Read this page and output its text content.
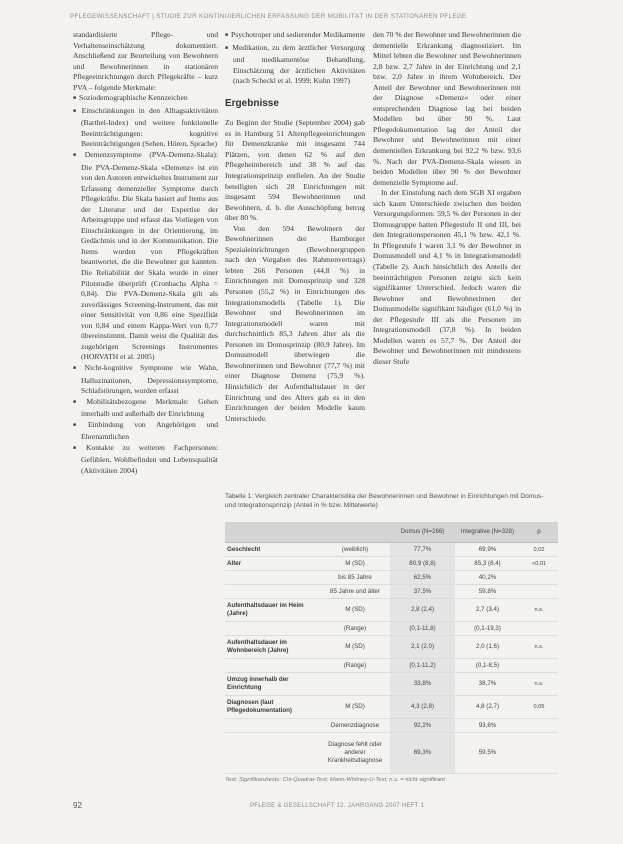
PFLEGEWISSENSCHAFT | STUDIE ZUR KONTINUIERLICHEN ERFASSUNG DER MOBILITÄT IN DER STATIONÄREN PFLEGE

standardisierte Pflege- und Verhaltenseinschätzung dokumentiert. Anschließend zur Beurteilung von Bewohnern und Bewohnerinnen in stationären Pflegeeinrichtungen durch Pflegekräfte – kurz PVA – folgende Merkmale:

■ Soziodemographische Kennzeichen

■ Einschränkungen in den Alltagsaktivitäten (Barthel-Index) und weitere funktionelle Beeinträchtigungen: kognitive Beeinträchtigungen (Sehen, Hören, Sprache)

■ Demenzsymptome (PVA-Demenz-Skala): Die PVA-Demenz-Skala »Demenz« ist ein von den Autoren entwickeltes Instrument zur Erfassung demenzieller Symptome durch Pflegekräfte. Die Skala basiert auf Items aus der Literatur und der Expertise der Arbeitsgruppe und erfasst das Vorliegen von Einschränkungen in der Orientierung, im Gedächtnis und in der Kommunikation. Die Items wurden von Pflegekräften beantwortet, die die Bewohner gut kannten. Die Reliabilität der Skala wurde in einer Pilotstudie überprüft (Cronbachs Alpha = 0,84). Die PVA-Demenz-Skala gilt als zuverlässiges Screening-Instrument, das mit einer Sensitivität von 0,86 eine Spezifität von 0,84 und einem Kappa-Wert von 0,77 übereinstimmt. Damit weist die Qualität des zugehörigen Screenings Instrumentes (HORVATH et al. 2005)

■ Nicht-kognitive Symptome wie Wahn, Halluzinationen, Depressionssymptome, Schlafstörungen, wurden erfasst

■ Mobilitätsbezogene Merkmale: Gehen innerhalb und außerhalb der Einrichtung

■ Einbindung von Angehörigen und Ehrenamtlichen

■ Kontakte zu weiteren Fachpersonen: Gefühlen, Wohlbefinden und Lebensqualität (Aktivitäten 2004)

■ Psychotroper und sedierender Medikamente

■ Medikation, zu dem ärztlicher Versorgung und medikamentöse Behandlung, Einschätzung der ärztlichen Aktivitäten (nach Scheckl et al. 1999; Kuhn 1997)

Ergebnisse

Zu Beginn der Studie (September 2004) gab es in Hamburg 51 Altenpflegeeinrichtungen für Demenzkranke mit insgesamt 744 Plätzen, von denen 62 % auf den Pflegeheimbereich und 38 % auf das Integrationsprinzip entfielen. An der Studie beteiligten sich 28 Einrichtungen mit insgesamt 594 Bewohnerinnen und Bewohnern, d. h. die Ausschöpfung betrug über 80 %.

Von den 594 Bewohnern der Bewohnerinnen der Hamburger Spezialeinrichtungen (Bewohnergruppen nach den Vorgaben des Rahmenvertrags) lebten 266 Personen (44,8 %) in Einrichtungen mit Domusprinzip und 328 Personen (55,2 %) in Einrichtungen des Integrationsmodells (Tabelle 1). Die Bewohner und Bewohnerinnen im Integrationsmodell waren mit durchschnittlich 85,3 Jahren älter als die Personen im Domusprinzip (80,9 Jahre). Im Domusmodell überwiegen die Bewohnerinnen und Bewohner (77,7 %) mit einer Diagnose Demenz (75,9 %). Hinsichtlich der Aufenthaltsdauer in der Einrichtung und des Alters gab es in den Einrichtungen der beiden Modelle kaum Unterschiede.

den 70 % der Bewohner und Bewohnerinnen die dementielle Erkrankung diagnostiziert. Im Mittel lebten die Bewohner und Bewohnerinnen 2,8 bzw. 2,7 Jahre in der Einrichtung und 2,1 bzw. 2,0 Jahre in ihrem Wohnbereich. Der Anteil der Bewohner und Bewohnerinnen mit der Diagnose »Demenz« oder einer entsprechenden Diagnose lag bei beiden Modellen bei über 90 %. Laut Pflegedokumentation lag der Anteil der Bewohner und Bewohnerinnen mit einer dementiellen Erkrankung bei 92,2 % bzw. 93,6 %. Nach der PVA-Demenz-Skala wiesen in beiden Modellen über 90 % der Bewohner demenzielle Symptome auf.

In der Einstufung nach dem SGB XI ergaben sich kaum Unterschiede zwischen den beiden Versorgungsformen: 59,5 % der Personen in der Domusgruppe hatten Pflegestufe II und III, bei den Integrationspersonen 45,1 % bzw. 42,1 %. In Pflegestufe I waren 3,1 % der Bewohner in Domusmodell und 4,1 % in Integrationsmodell (Tabelle 2). Auch hinsichtlich des Anteils der beeinträchtigten Personen zeigte sich kein signifikanter Unterschied. Jedoch waren die Bewohner und Bewohnerinnen der Domusmodelle signifikant häufiger (61,0 %) in der Pflegestufe III als die Personen im Integrationsmodell (37,8 %). In beiden Modellen waren es 57,7 %. Der Anteil der Bewohner und Bewohnerinnen mit mindestens dieser Stufe

Tabelle 1: Vergleich zentraler Charakteristika der Bewohnerinnen und Bewohner in Einrichtungen mit Domus- und Integrationsprinzip (Anteil in % bzw. Mittelwerte)
		Domus (N=266)	Integrative (N=328)	p
Geschlecht	(weiblich)	77,7%	69,9%	0,02
Alter	M (SD)	80,9 (8,8)	85,3 (8,4)	<0,01
	bis 85 Jahre	62,5%	40,2%	
	85 Jahre und älter	37,5%	59,8%	
Aufenthaltsdauer im Heim (Jahre)	M (SD)	2,8 (2,4)	2,7 (3,4)	n.s.
	(Range)	(0,1-11,8)	(0,1-19,3)	
Aufenthaltsdauer im Wohnbereich (Jahre)	M (SD)	2,1 (2,0)	2,0 (1,6)	n.s.
	(Range)	(0,1-11,2)	(0,1-8,5)	
Umzug innerhalb der Einrichtung		33,8%	38,7%	n.s.
Diagnosen (laut Pflegedokumentation)	M (SD)	4,3 (2,8)	4,8 (2,7)	0,05
	Demenzdiagnose	92,2%	93,6%	
	Diagnose fehlt oder anderer Krankheitsdiagnose	69,3%	59,5%	
Test: Signifikanztests: Chi-Quadrat-Test; Mann-Whitney-U-Test; n.s. = nicht signifikant
92	PFLEGE & GESELLSCHAFT 12. JAHRGANG 2007 HEFT 1
